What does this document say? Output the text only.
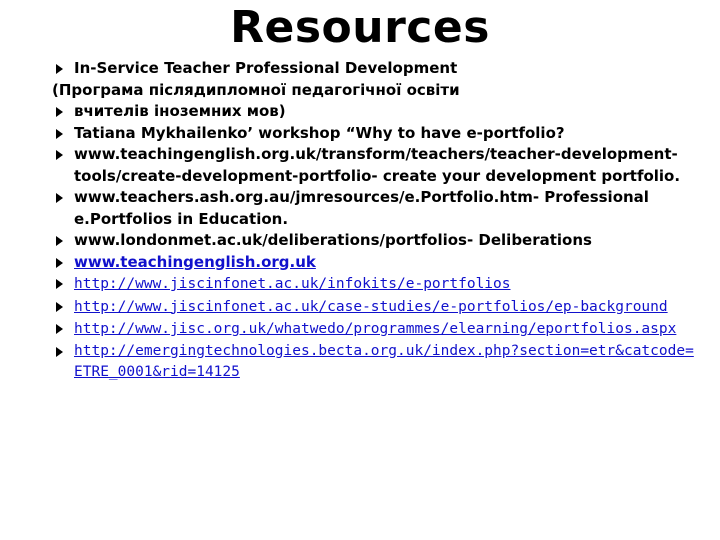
Resources
In-Service Teacher Professional Development
(Програма післядипломної педагогічної освіти
вчителів іноземних мов)
Tatiana Mykhailenko’ workshop “Why to have e-portfolio?
www.teachingenglish.org.uk/transform/teachers/teacher-development-
tools/create-development-portfolio- create your development portfolio.
www.teachers.ash.org.au/jmresources/e.Portfolio.htm- Professional
e.Portfolios in Education.
www.londonmet.ac.uk/deliberations/portfolios- Deliberations
www.teachingenglish.org.uk
http://www.jiscinfonet.ac.uk/infokits/e-portfolios
http://www.jiscinfonet.ac.uk/case-studies/e-portfolios/ep-background
http://www.jisc.org.uk/whatwedo/programmes/elearning/eportfolios.aspx
http://emergingtechnologies.becta.org.uk/index.php?section=etr&catcode=
ETRE_0001&rid=14125
